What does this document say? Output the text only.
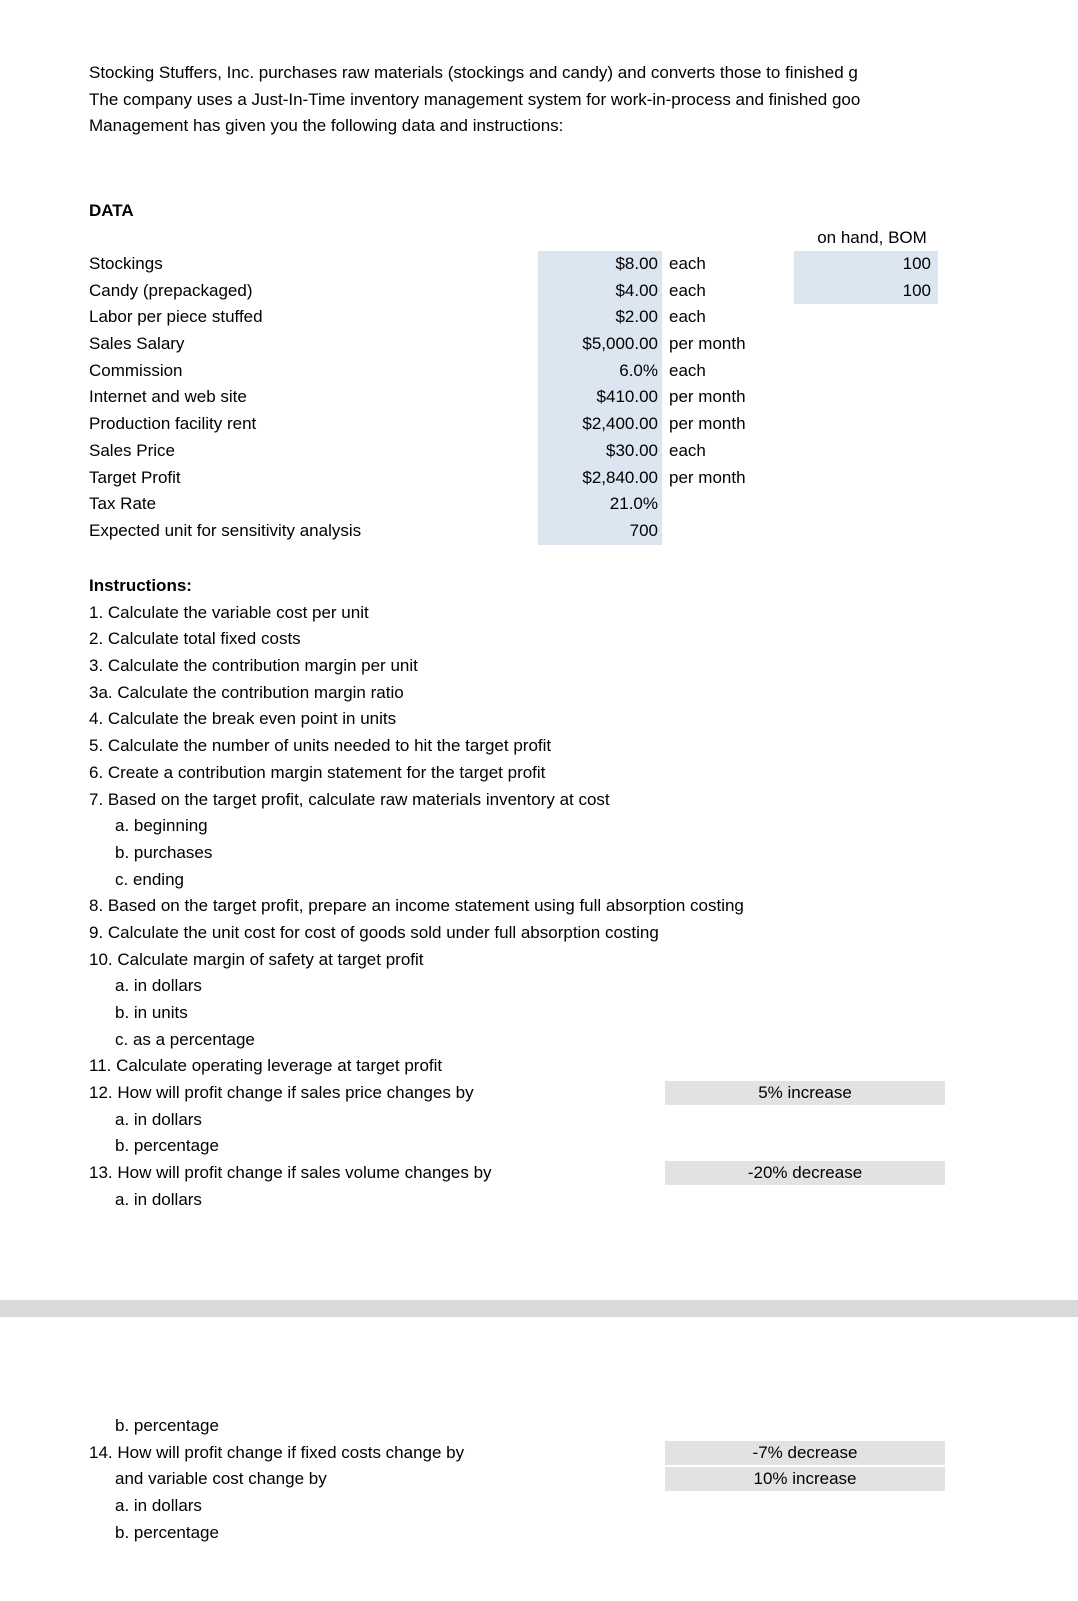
Stocking Stuffers, Inc. purchases raw materials (stockings and candy) and converts those to finished g
The company uses a Just-In-Time inventory management system for work-in-process and finished goo
Management has given you the following data and instructions:
DATA
on hand, BOM
Stockings	$8.00 each	100
Candy (prepackaged)	$4.00 each	100
Labor per piece stuffed	$2.00 each
Sales Salary	$5,000.00 per month
Commission	6.0% each
Internet and web site	$410.00 per month
Production facility rent	$2,400.00 per month
Sales Price	$30.00 each
Target Profit	$2,840.00 per month
Tax Rate	21.0%
Expected unit for sensitivity analysis	700
Instructions:
1. Calculate the variable cost per unit
2. Calculate total fixed costs
3. Calculate the contribution margin per unit
3a. Calculate the contribution margin ratio
4. Calculate the break even point in units
5. Calculate the number of units needed to hit the target profit
6. Create a contribution margin statement for the target profit
7. Based on the target profit, calculate raw materials inventory at cost
a. beginning
b. purchases
c. ending
8. Based on the target profit, prepare an income statement using full absorption costing
9. Calculate the unit cost for cost of goods sold under full absorption costing
10. Calculate margin of safety at target profit
a. in dollars
b. in units
c. as a percentage
11. Calculate operating leverage at target profit
12. How will profit change if sales price changes by	5% increase
a. in dollars
b. percentage
13. How will profit change if sales volume changes by	-20% decrease
a. in dollars
b. percentage
14. How will profit change if fixed costs change by	-7% decrease
and variable cost change by	10% increase
a. in dollars
b. percentage
